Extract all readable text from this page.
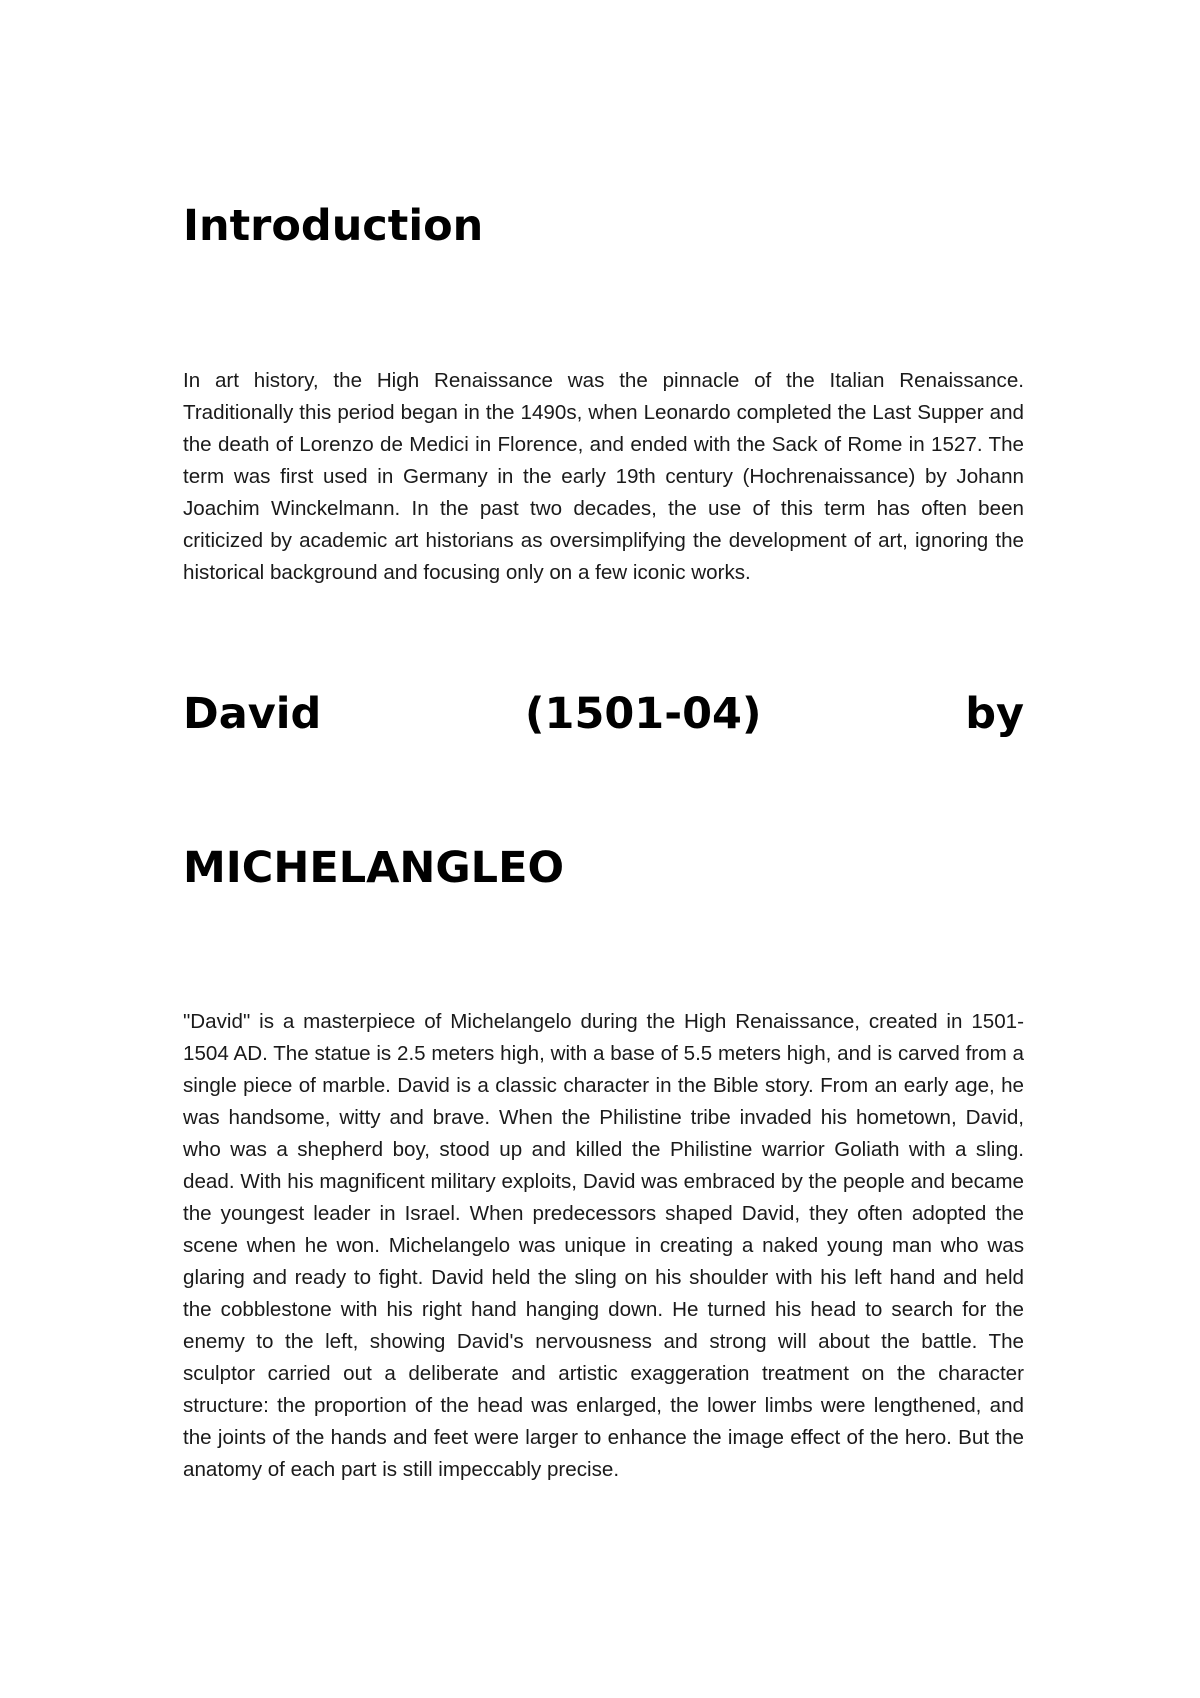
Introduction

In art history, the High Renaissance was the pinnacle of the Italian Renaissance. Traditionally this period began in the 1490s, when Leonardo completed the Last Supper and the death of Lorenzo de Medici in Florence, and ended with the Sack of Rome in 1527. The term was first used in Germany in the early 19th century (Hochrenaissance) by Johann Joachim Winckelmann. In the past two decades, the use of this term has often been criticized by academic art historians as oversimplifying the development of art, ignoring the historical background and focusing only on a few iconic works.

David	(1501-04)	by
MICHELANGLEO

"David" is a masterpiece of Michelangelo during the High Renaissance, created in 1501-1504 AD. The statue is 2.5 meters high, with a base of 5.5 meters high, and is carved from a single piece of marble. David is a classic character in the Bible story. From an early age, he was handsome, witty and brave. When the Philistine tribe invaded his hometown, David, who was a shepherd boy, stood up and killed the Philistine warrior Goliath with a sling. dead. With his magnificent military exploits, David was embraced by the people and became the youngest leader in Israel. When predecessors shaped David, they often adopted the scene when he won. Michelangelo was unique in creating a naked young man who was glaring and ready to fight. David held the sling on his shoulder with his left hand and held the cobblestone with his right hand hanging down. He turned his head to search for the enemy to the left, showing David's nervousness and strong will about the battle. The sculptor carried out a deliberate and artistic exaggeration treatment on the character structure: the proportion of the head was enlarged, the lower limbs were lengthened, and the joints of the hands and feet were larger to enhance the image effect of the hero. But the anatomy of each part is still impeccably precise.
